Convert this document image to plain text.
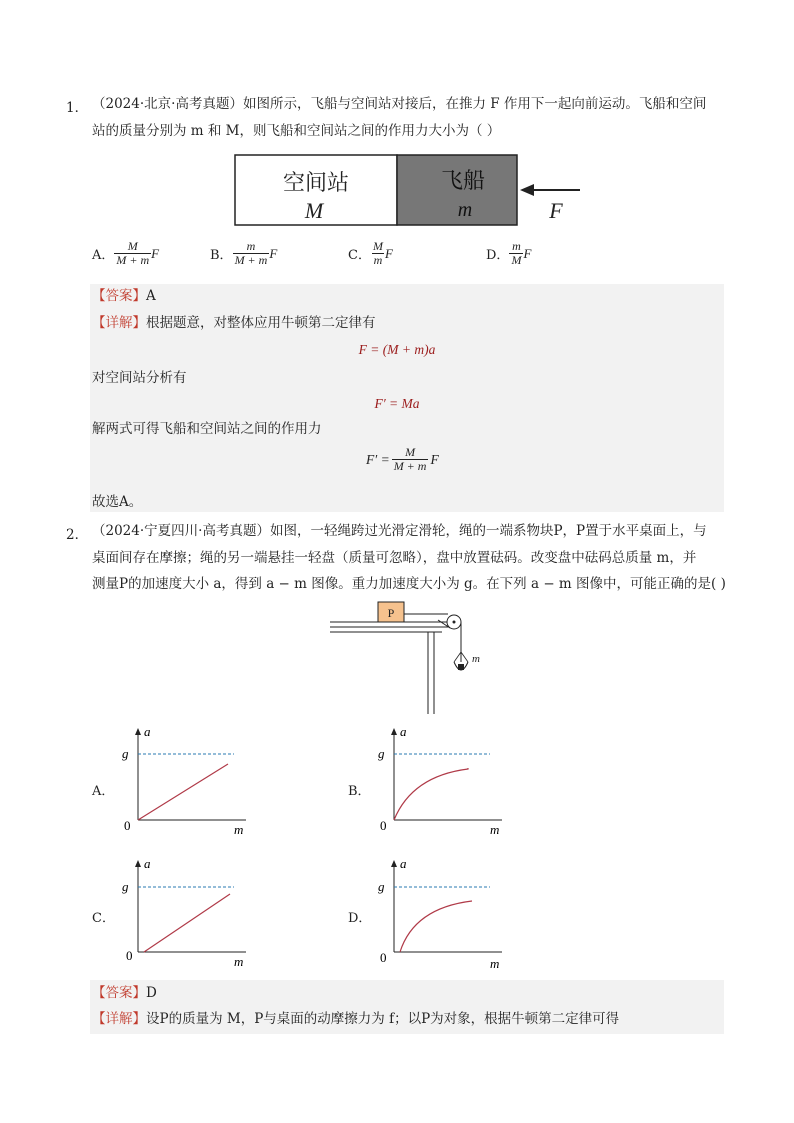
1． （2024·北京·高考真题）如图所示，飞船与空间站对接后，在推力 F 作用下一起向前运动。飞船和空间
站的质量分别为 m 和 M，则飞船和空间站之间的作用力大小为（ ）
空间站
M
飞船
m	F
A． $\frac{M}{M + m}$ F	B． $\frac{m}{M + m}$ F	C． $\frac{M}{m}$ F	D． $\frac{m}{M}$ F
【答案】A
【详解】根据题意，对整体应用牛顿第二定律有
F = (M + m)a
对空间站分析有
F′ = Ma
解两式可得飞船和空间站之间的作用力
$F' = \frac{M}{M + m}$ F
故选A。
2． （2024·宁夏四川·高考真题）如图，一轻绳跨过光滑定滑轮，绳的一端系物块P，P置于水平桌面上，与
桌面间存在摩擦；绳的另一端悬挂一轻盘（质量可忽略），盘中放置砝码。改变盘中砝码总质量 m，并
测量P的加速度大小 a，得到 a − m 图像。重力加速度大小为 g。在下列 a − m 图像中，可能正确的是( )
P
m
A．
a
g
0	m
B．
a
g
0	m
C．
a
g
0	m
D．
a
g
0	m
【答案】D
【详解】设P的质量为 M，P与桌面的动摩擦力为 f；以P为对象，根据牛顿第二定律可得
